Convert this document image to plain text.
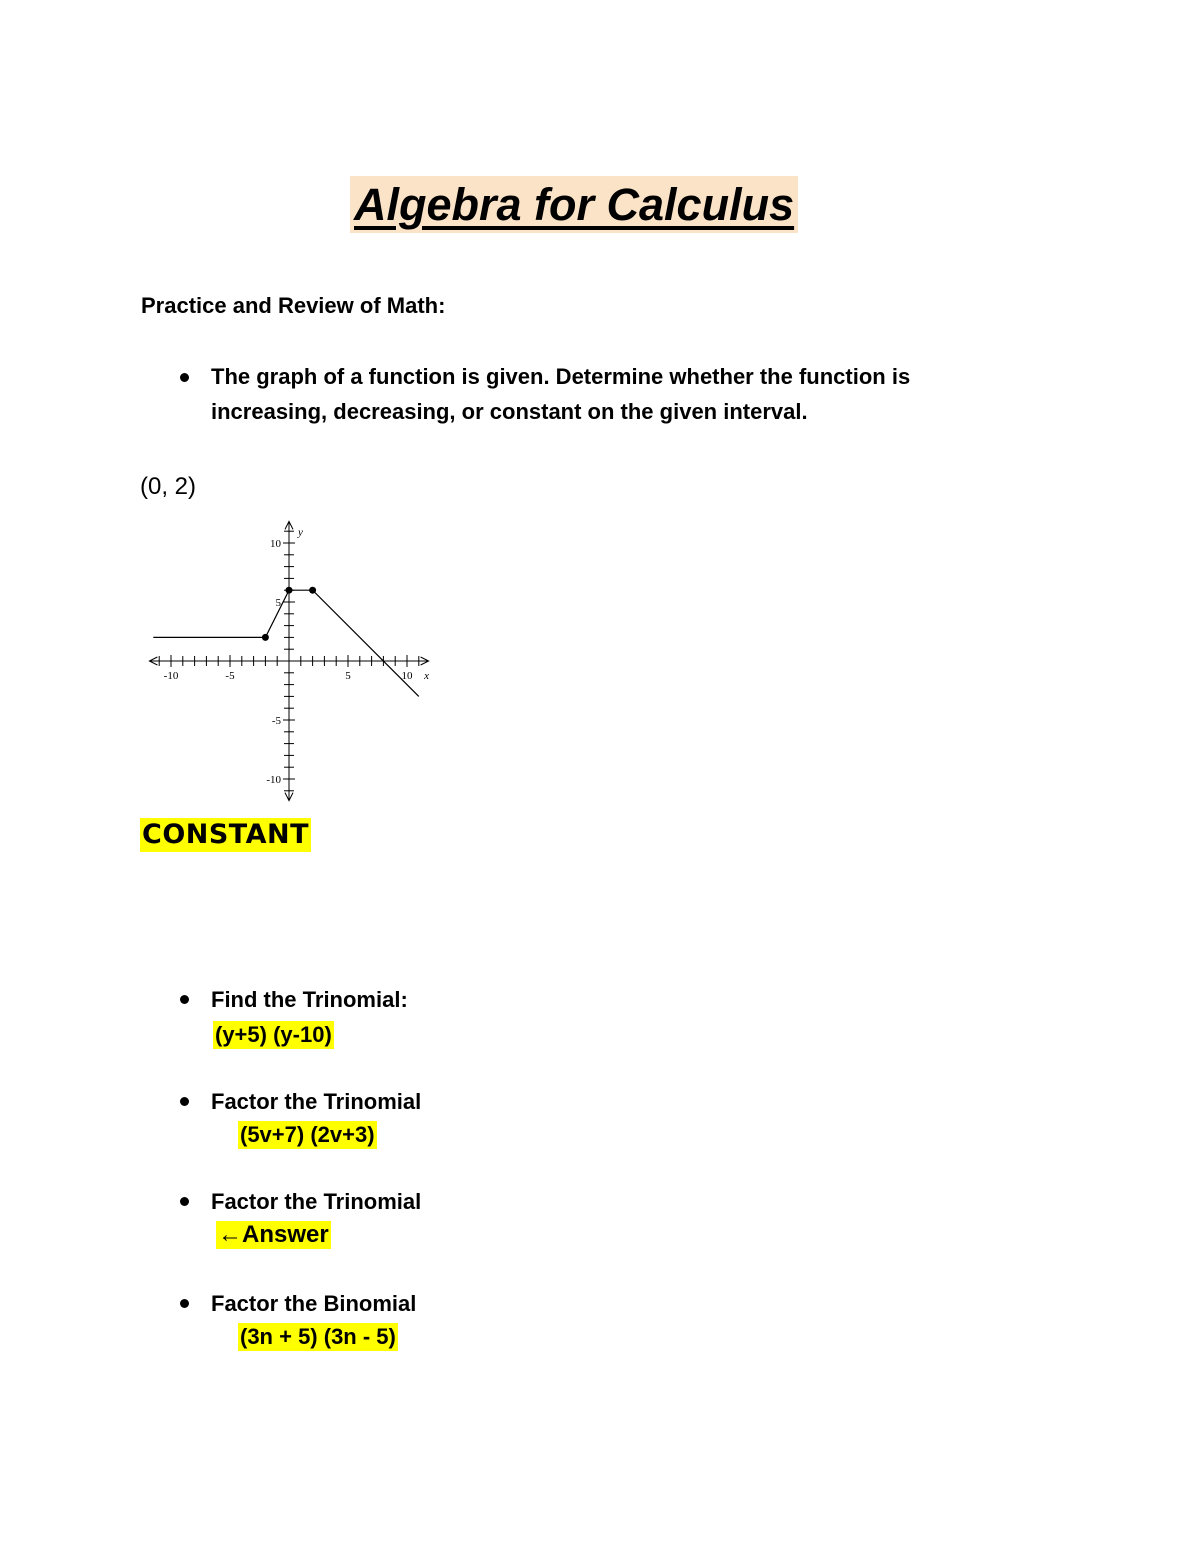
Algebra for Calculus
Practice and Review of Math:
The graph of a function is given. Determine whether the function is
increasing, decreasing, or constant on the given interval.
(0, 2)
-10	-5	5	10
10
5
-5
-10
x
y
CONSTANT
Find the Trinomial:
(y+5) (y-10)
Factor the Trinomial
(5v+7) (2v+3)
Factor the Trinomial
←Answer
Factor the Binomial
(3n + 5) (3n - 5)
